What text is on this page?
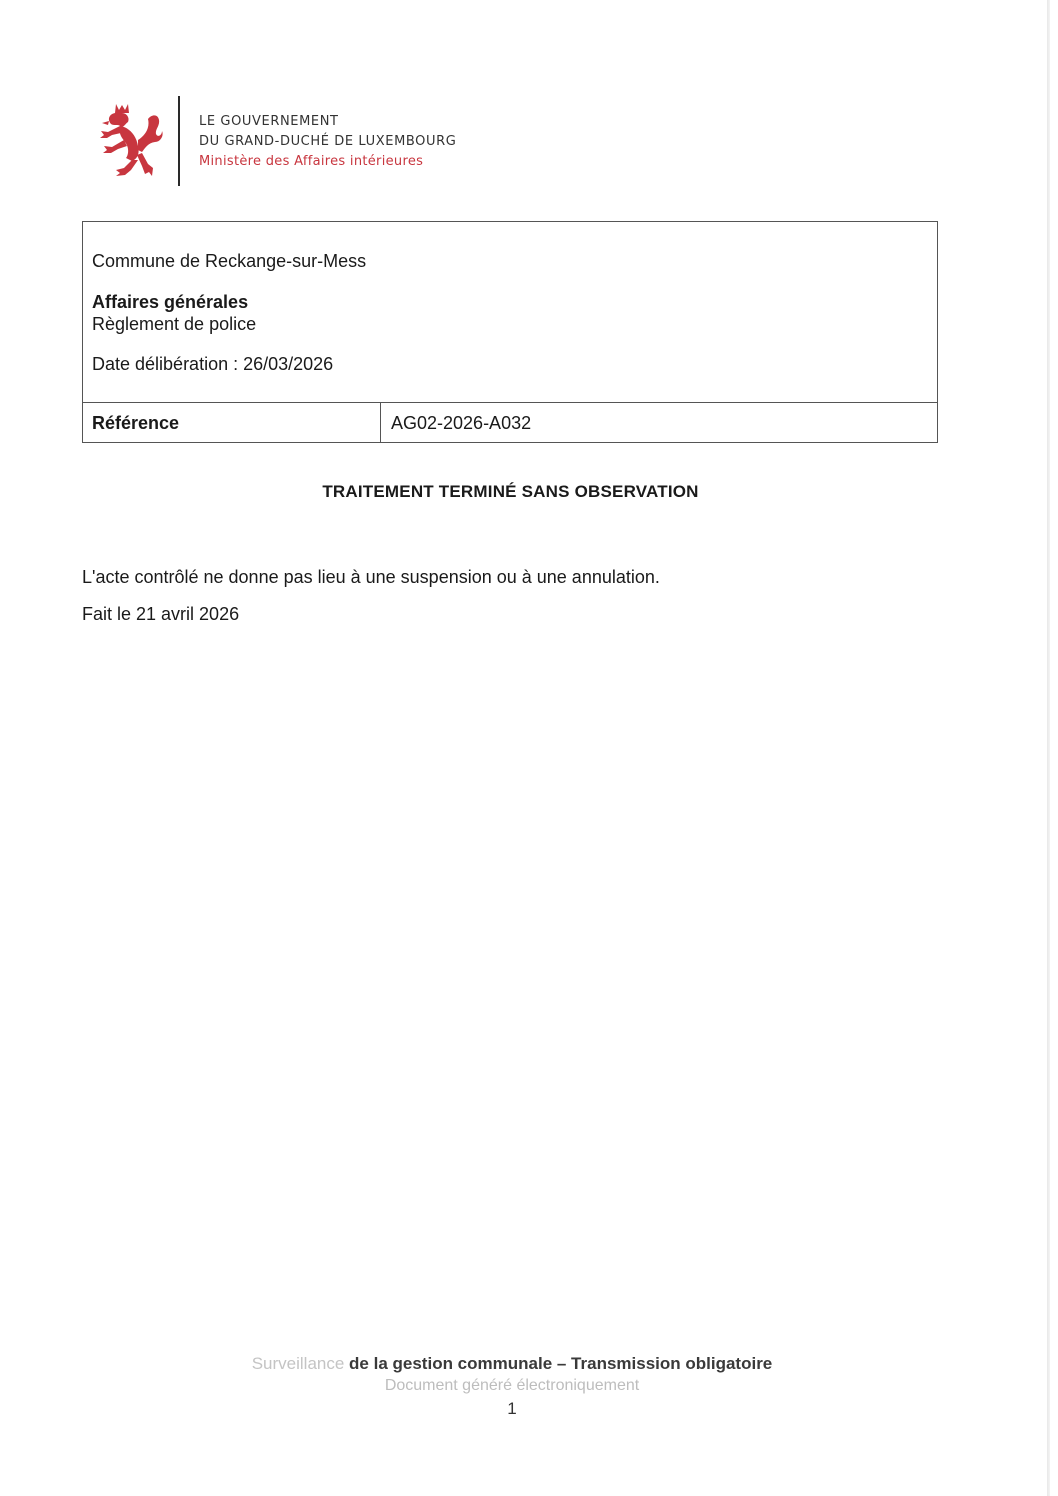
LE GOUVERNEMENT
DU GRAND-DUCHÉ DE LUXEMBOURG
Ministère des Affaires intérieures
Commune de Reckange-sur-Mess
Affaires générales
Règlement de police
Date délibération : 26/03/2026
Référence	AG02-2026-A032
TRAITEMENT TERMINÉ SANS OBSERVATION
L'acte contrôlé ne donne pas lieu à une suspension ou à une annulation.
Fait le 21 avril 2026
Surveillance de la gestion communale – Transmission obligatoire
Document généré électroniquement
1
